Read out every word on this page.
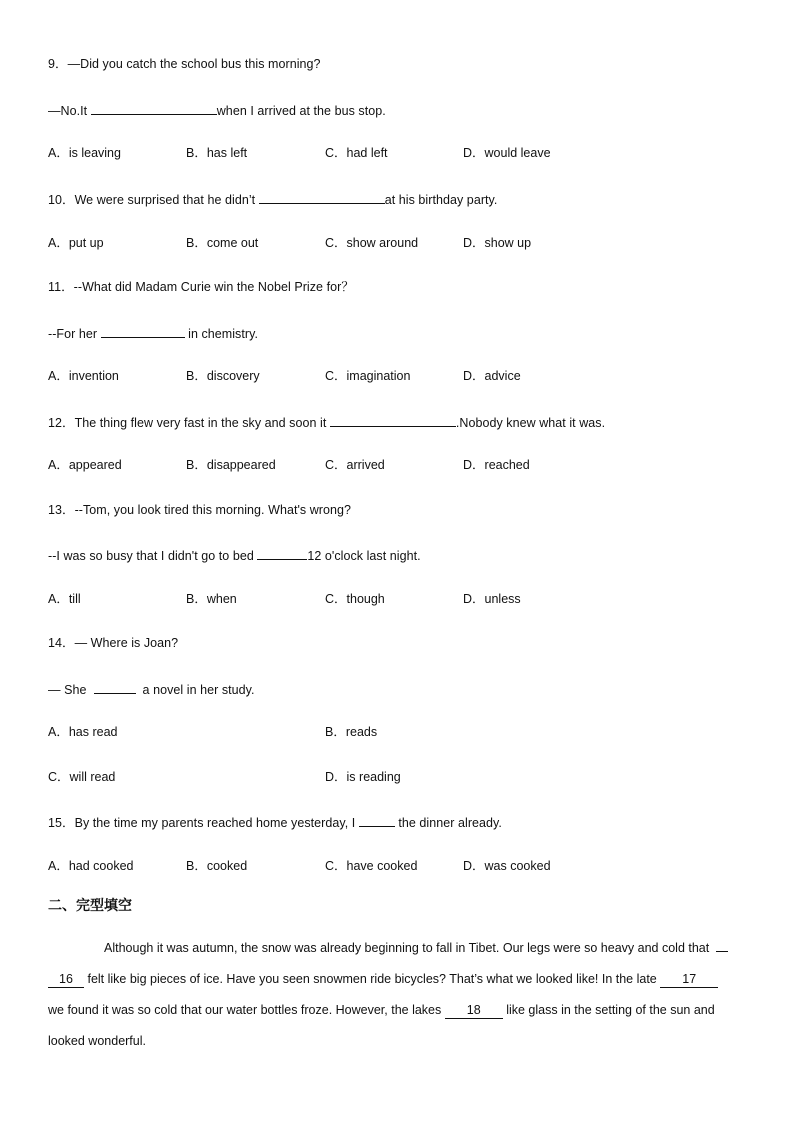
9．—Did you catch the school bus this morning?
—No.It	when I arrived at the bus stop.
A．is leaving	B．has left	C．had left	D．would leave
10．We were surprised that he didn’t	at his birthday party.
A．put up	B．come out	C．show around	D．show up
11．--What did Madam Curie win the Nobel Prize for？
--For her	in chemistry.
A．invention	B．discovery	C．imagination	D．advice
12．The thing flew very fast in the sky and soon it	.Nobody knew what it was.
A．appeared	B．disappeared	C．arrived	D．reached
13．--Tom, you look tired this morning. What's wrong?
--I was so busy that I didn't go to bed	12 o'clock last night.
A．till	B．when	C．though	D．unless
14．— Where is Joan?
— She	a novel in her study.
A．has read	B．reads
C．will read	D．is reading
15．By the time my parents reached home yesterday, I	the dinner already.
A．had cooked	B．cooked	C．have cooked	D．was cooked
二、完型填空
Although it was autumn, the snow was already beginning to fall in Tibet. Our legs were so heavy and cold that
16 felt like big pieces of ice. Have you seen snowmen ride bicycles? That’s what we looked like! In the late 17
we found it was so cold that our water bottles froze. However, the lakes 18 like glass in the setting of the sun and
looked wonderful.
